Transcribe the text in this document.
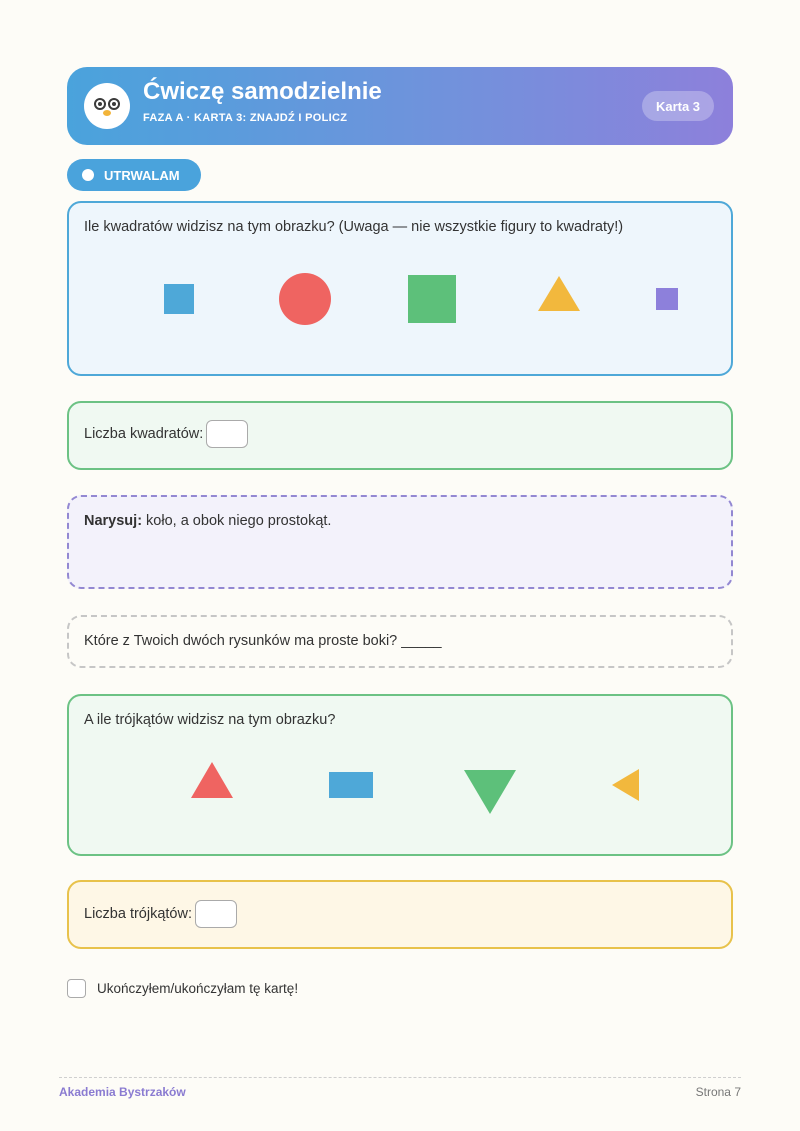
Ćwiczę samodzielnie
FAZA A · KARTA 3: ZNAJDŹ I POLICZ
Karta 3
UTRWALAM
Ile kwadratów widzisz na tym obrazku? (Uwaga — nie wszystkie figury to kwadraty!)
Liczba kwadratów:
Narysuj: koło, a obok niego prostokąt.
Które z Twoich dwóch rysunków ma proste boki? _____
A ile trójkątów widzisz na tym obrazku?
Liczba trójkątów:
Ukończyłem/ukończyłam tę kartę!
Akademia Bystrzaków	Strona 7
